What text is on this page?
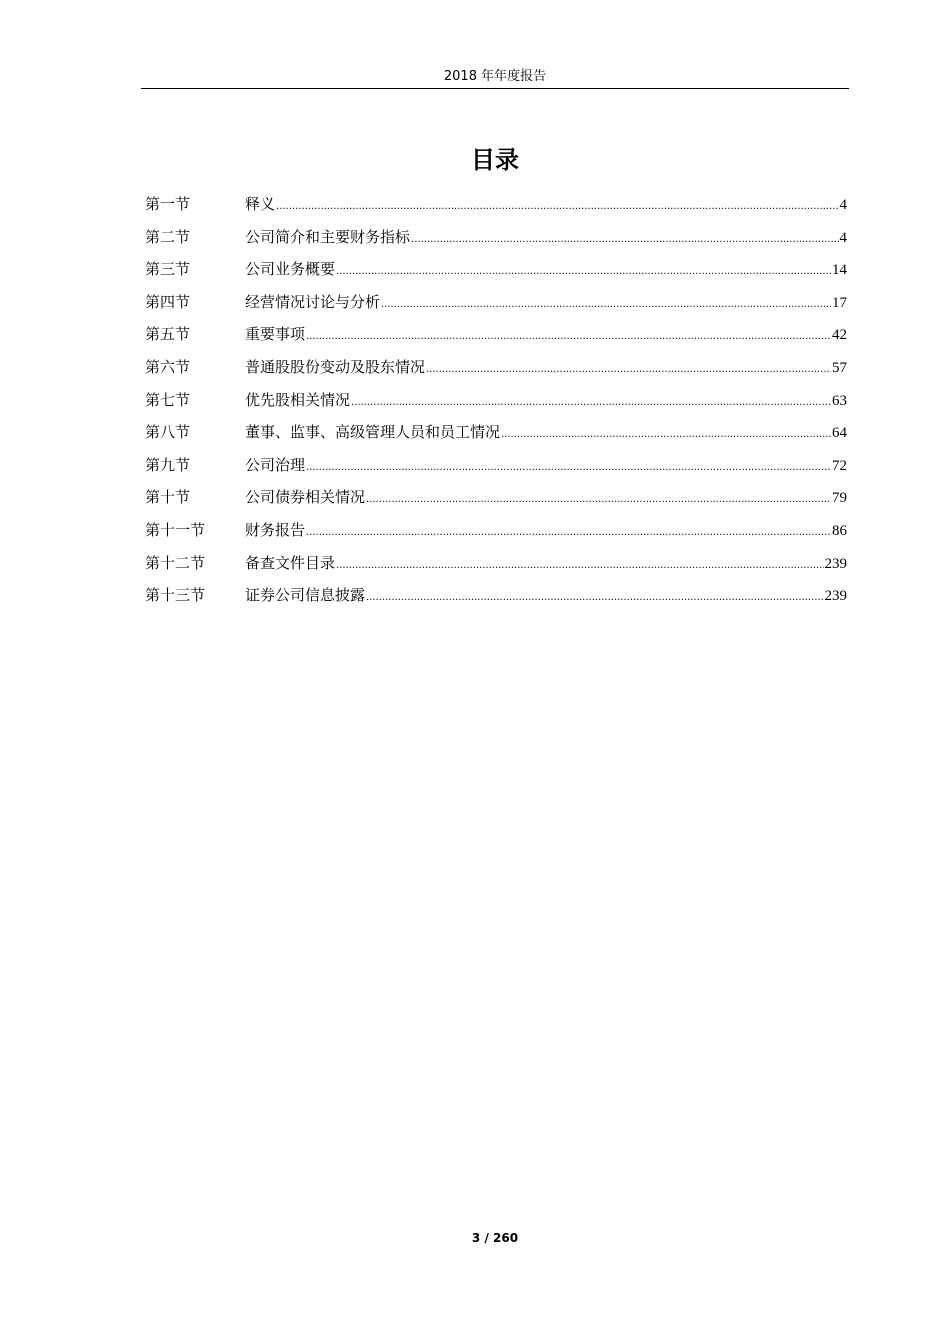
2018 年年度报告
目录
第一节	释义 .....	4
第二节	公司简介和主要财务指标 .....	4
第三节	公司业务概要 .....	14
第四节	经营情况讨论与分析 .....	17
第五节	重要事项 .....	42
第六节	普通股股份变动及股东情况 .....	57
第七节	优先股相关情况 .....	63
第八节	董事、监事、高级管理人员和员工情况 .....	64
第九节	公司治理 .....	72
第十节	公司债券相关情况 .....	79
第十一节	财务报告 .....	86
第十二节	备查文件目录 .....	239
第十三节	证券公司信息披露 .....	239
3 / 260
